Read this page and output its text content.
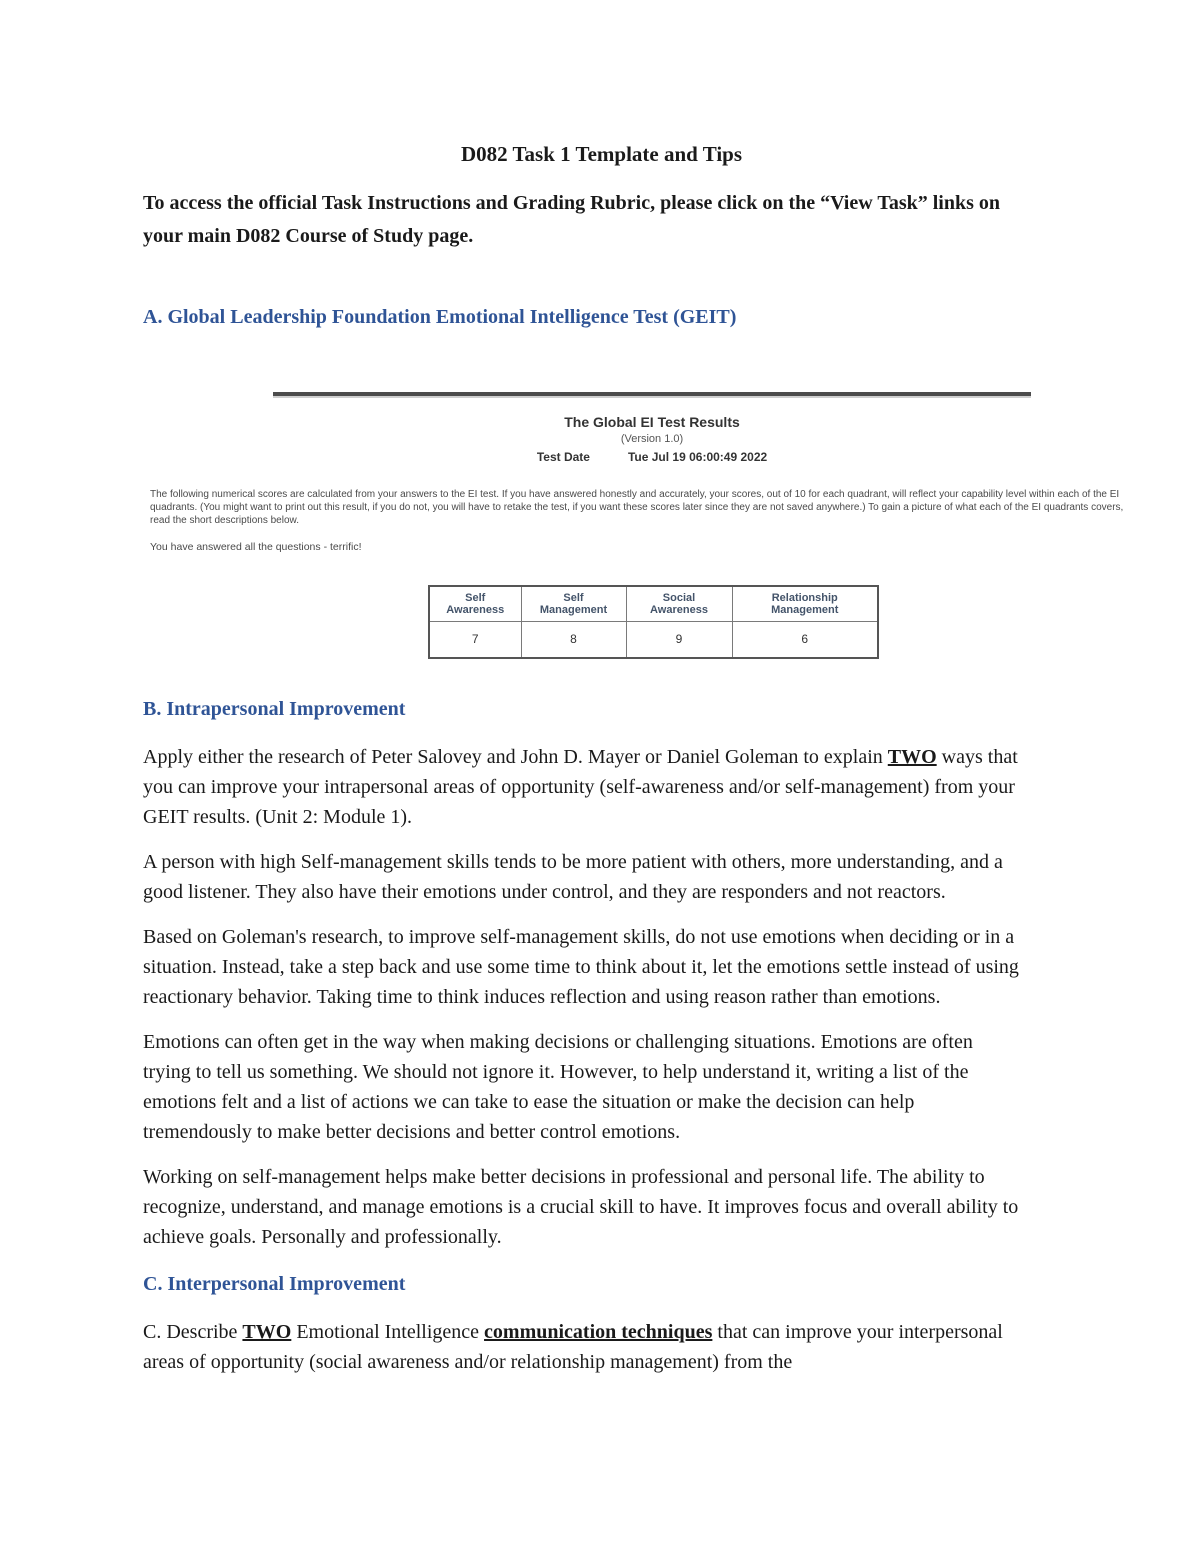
D082 Task 1 Template and Tips

To access the official Task Instructions and Grading Rubric, please click on the “View Task” links on your main D082 Course of Study page.

A. Global Leadership Foundation Emotional Intelligence Test (GEIT)
The Global EI Test Results
(Version 1.0)
Test Date	Tue Jul 19 06:00:49 2022

The following numerical scores are calculated from your answers to the EI test. If you have answered honestly and accurately, your scores, out of 10 for each quadrant, will reflect your capability level within each of the EI quadrants. (You might want to print out this result, if you do not, you will have to retake the test, if you want these scores later since they are not saved anywhere.) To gain a picture of what each of the EI quadrants covers, read the short descriptions below.

You have answered all the questions - terrific!

Self Awareness	Self Management	Social Awareness	Relationship Management
7	8	9	6
B. Intrapersonal Improvement

Apply either the research of Peter Salovey and John D. Mayer or Daniel Goleman to explain TWO ways that you can improve your intrapersonal areas of opportunity (self-awareness and/or self-management) from your GEIT results. (Unit 2: Module 1).

A person with high Self-management skills tends to be more patient with others, more understanding, and a good listener. They also have their emotions under control, and they are responders and not reactors.

Based on Goleman's research, to improve self-management skills, do not use emotions when deciding or in a situation. Instead, take a step back and use some time to think about it, let the emotions settle instead of using reactionary behavior. Taking time to think induces reflection and using reason rather than emotions.

Emotions can often get in the way when making decisions or challenging situations. Emotions are often trying to tell us something. We should not ignore it. However, to help understand it, writing a list of the emotions felt and a list of actions we can take to ease the situation or make the decision can help tremendously to make better decisions and better control emotions.

Working on self-management helps make better decisions in professional and personal life. The ability to recognize, understand, and manage emotions is a crucial skill to have. It improves focus and overall ability to achieve goals. Personally and professionally.

C. Interpersonal Improvement

C. Describe TWO Emotional Intelligence communication techniques that can improve your interpersonal areas of opportunity (social awareness and/or relationship management) from the
